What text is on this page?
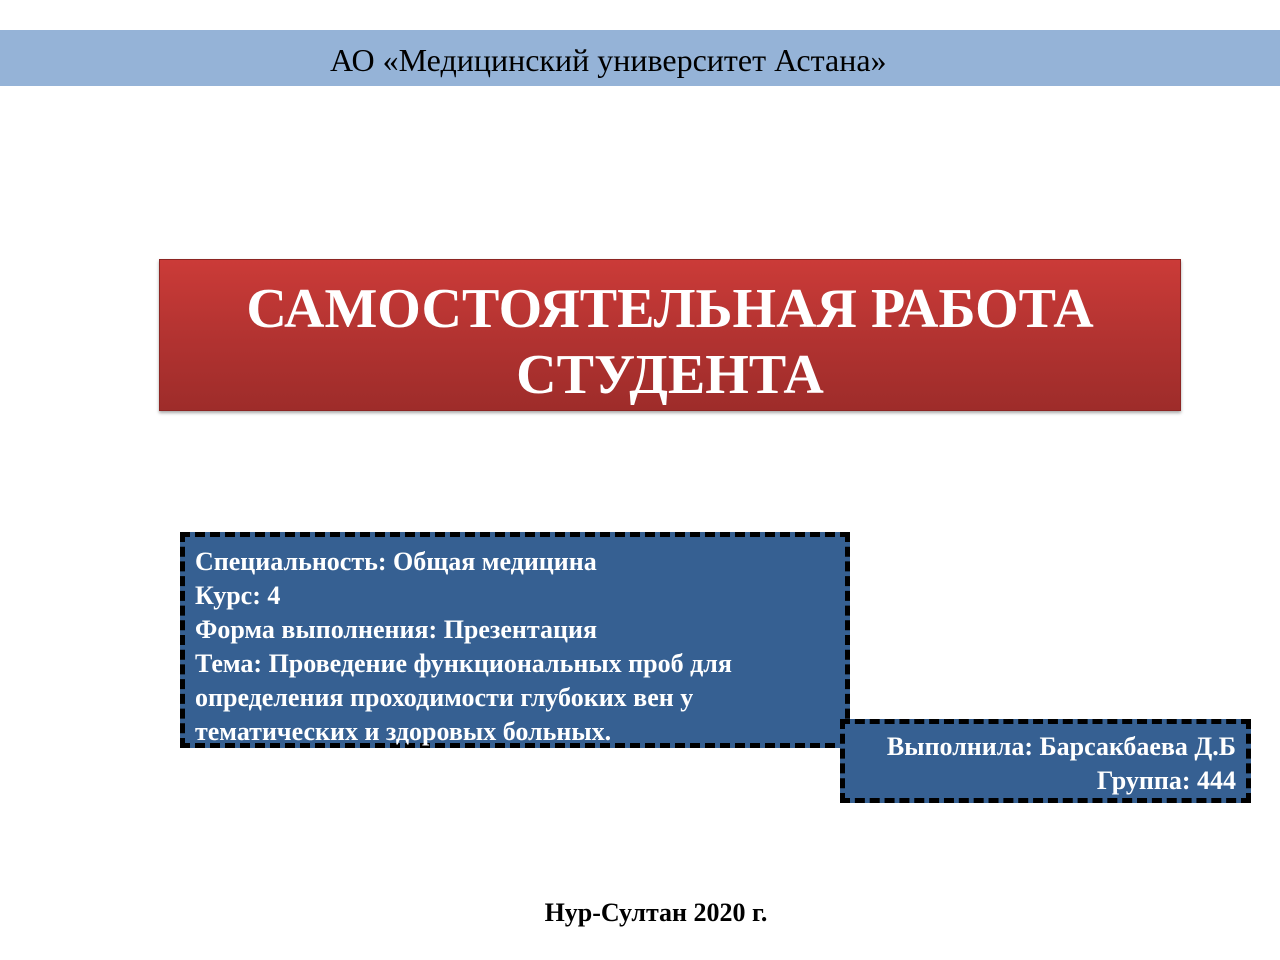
АО «Медицинский университет Астана»
САМОСТОЯТЕЛЬНАЯ РАБОТА
СТУДЕНТА
Специальность: Общая медицина
Курс: 4
Форма выполнения: Презентация
Тема: Проведение функциональных проб для
определения проходимости глубоких вен у
тематических и здоровых больных.
Выполнила: Барсакбаева Д.Б
Группа: 444
Нур-Султан 2020 г.
